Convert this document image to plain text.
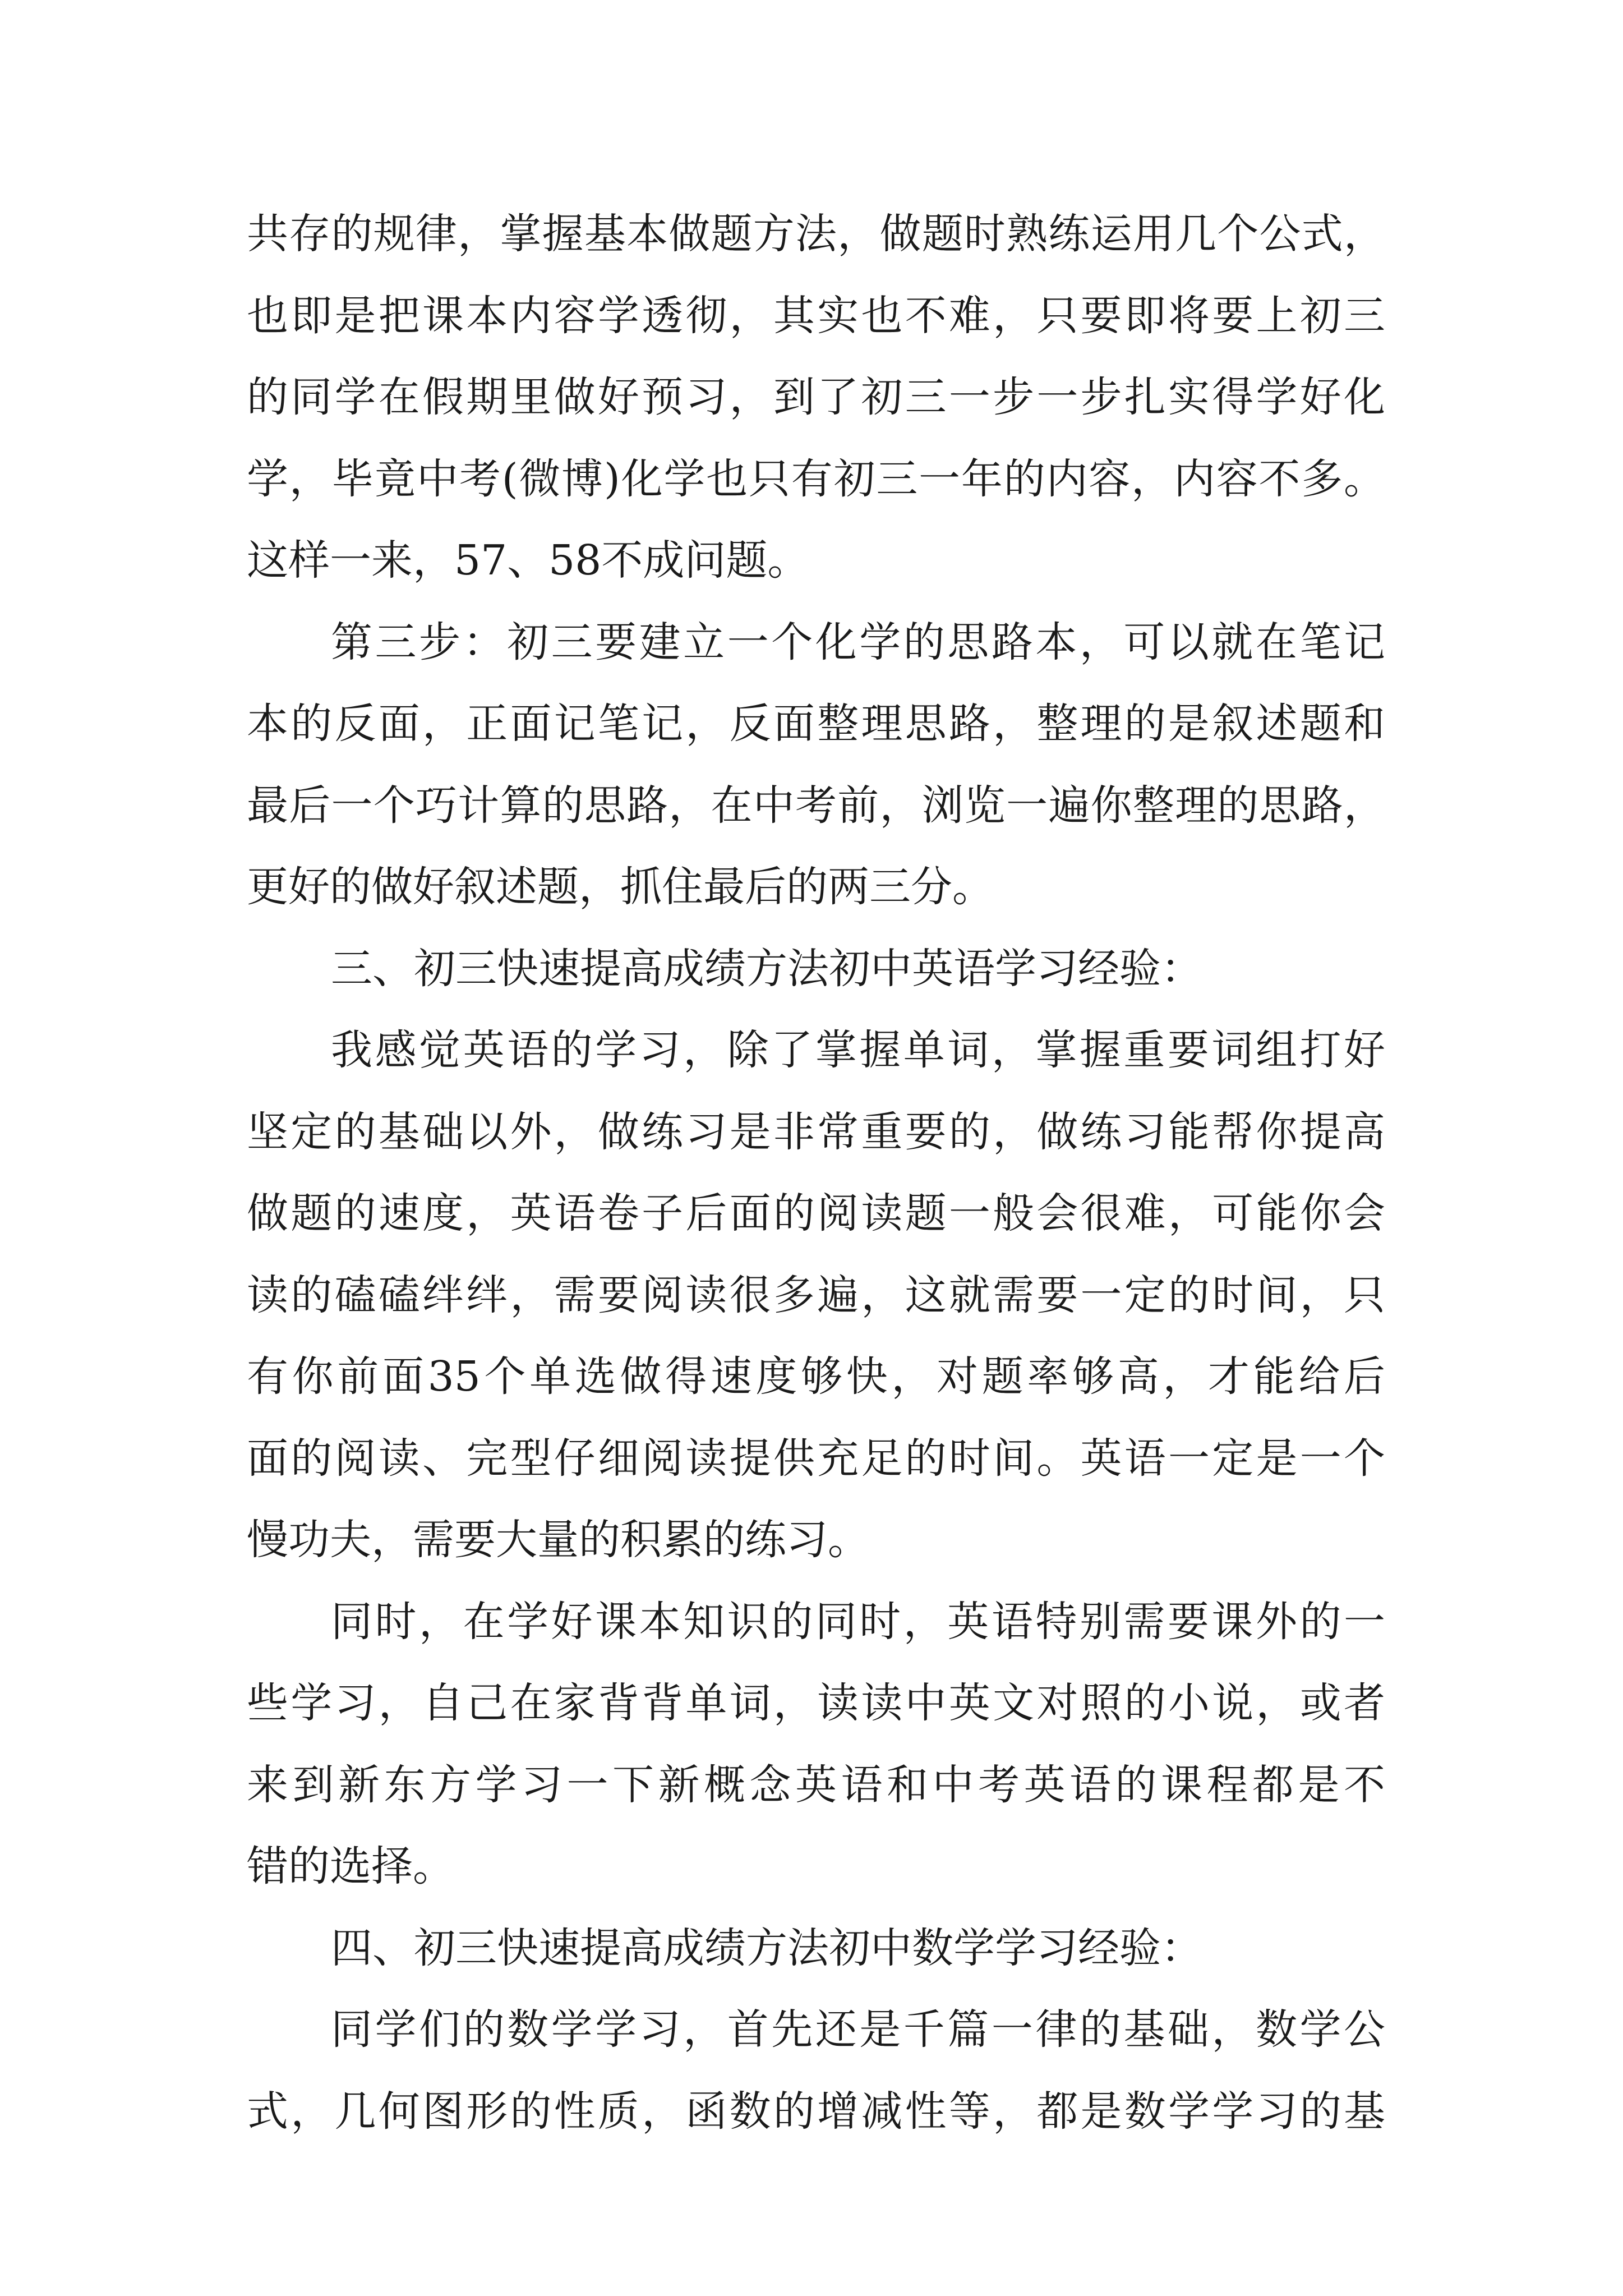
共存的规律，掌握基本做题方法，做题时熟练运用几个公式，
也即是把课本内容学透彻，其实也不难，只要即将要上初三
的同学在假期里做好预习，到了初三一步一步扎实得学好化
学，毕竟中考(微博)化学也只有初三一年的内容，内容不多。
这样一来，57、58不成问题。
第三步：初三要建立一个化学的思路本，可以就在笔记
本的反面，正面记笔记，反面整理思路，整理的是叙述题和
最后一个巧计算的思路，在中考前，浏览一遍你整理的思路，
更好的做好叙述题，抓住最后的两三分。
三、初三快速提高成绩方法初中英语学习经验：
我感觉英语的学习，除了掌握单词，掌握重要词组打好
坚定的基础以外，做练习是非常重要的，做练习能帮你提高
做题的速度，英语卷子后面的阅读题一般会很难，可能你会
读的磕磕绊绊，需要阅读很多遍，这就需要一定的时间，只
有你前面35个单选做得速度够快，对题率够高，才能给后
面的阅读、完型仔细阅读提供充足的时间。英语一定是一个
慢功夫，需要大量的积累的练习。
同时，在学好课本知识的同时，英语特别需要课外的一
些学习，自己在家背背单词，读读中英文对照的小说，或者
来到新东方学习一下新概念英语和中考英语的课程都是不
错的选择。
四、初三快速提高成绩方法初中数学学习经验：
同学们的数学学习，首先还是千篇一律的基础，数学公
式，几何图形的性质，函数的增减性等，都是数学学习的基
